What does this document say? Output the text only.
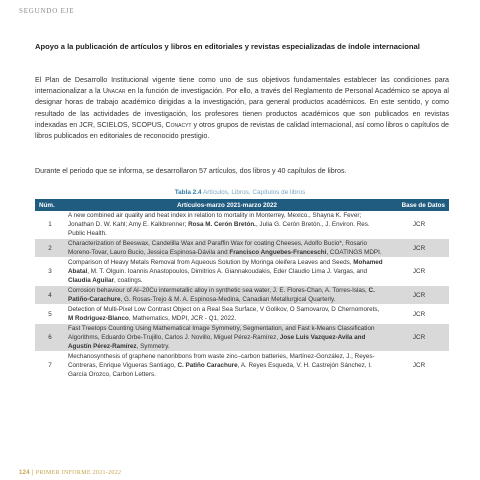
SEGUNDO EJE
Apoyo a la publicación de artículos y libros en editoriales y revistas especializadas de índole internacional
El Plan de Desarrollo Institucional vigente tiene como uno de sus objetivos fundamentales establecer las condiciones para internacionalizar a la Unacar en la función de investigación. Por ello, a través del Reglamento de Personal Académico se apoya al designar horas de trabajo académico dirigidas a la investigación, para general productos académicos. En este sentido, y como resultado de las actividades de investigación, los profesores tienen productos académicos que son publicados en revistas indexadas en JCR, SCIELOS, SCOPUS, Conacyt y otros grupos de revistas de calidad internacional, así como libros o capítulos de libros publicados en editoriales de reconocido prestigio.
Durante el periodo que se informa, se desarrollaron 57 artículos, dos libros y 40 capítulos de libros.
Tabla 2.4 Artículos, Libros, Capítulos de libros
Núm.	Artículos-marzo 2021-marzo 2022	Base de Datos
1	A new combined air quality and heat index in relation to mortality in Monterrey, Mexico., Shayna K. Fever; Jonathan D. W. Kahl; Amy E. Kalkbrenner; Rosa M. Cerón Bretón., Julia G. Cerón Bretón., J. Environ. Res. Public Health.	JCR
2	Characterization of Beeswax, Candelilla Wax and Paraffin Wax for coating Cheeses, Adolfo Bucio*, Rosario Moreno-Tovar, Lauro Bucio, Jessica Espinosa-Dávila and Francisco Anguebes-Franceschi, COATINGS MDPI.	JCR
3	Comparison of Heavy Metals Removal from Aqueous Solution by Moringa oleifera Leaves and Seeds, Mohamed Abatal, M. T. Olguin. Ioannis Anastopoulos, Dimitrios A. Giannakoudakis, Eder Claudio Lima J. Vargas, and Claudia Aguilar, coatings.	JCR
4	Corrosion behaviour of Al–20Cu intermetallic alloy in synthetic sea water, J. E. Flores-Chan, A. Torres-Islas, C. Patiño-Carachure, G. Rosas-Trejo & M. A. Espinosa-Medina, Canadian Metallurgical Quarterly.	JCR
5	Detection of Multi-Pixel Low Contrast Object on a Real Sea Surface, V Golikov, O Samovarov, D Chernomorets, M Rodriguez-Blanco, Mathematics, MDPI, JCR - Q1, 2022.	JCR
6	Fast Treetops Counting Using Mathematical Image Symmetry, Segmentation, and Fast k-Means Classification Algorithms, Eduardo Orbe-Trujillo, Carlos J. Novillo, Miguel Pérez-Ramírez, Jose Luis Vazquez-Avila and Agustín Pérez-Ramírez, Symmetry.	JCR
7	Mechanosynthesis of graphene nanoribbons from waste zinc–carbon batteries, Martínez-González, J., Reyes-Contreras, Enrique Vigueras Santiago, C. Patiño Carachure, A. Reyes Esqueda, V. H. Castrejón Sánchez, I. García Orozco, Carbon Letters.	JCR
124 | PRIMER INFORME 2021-2022
